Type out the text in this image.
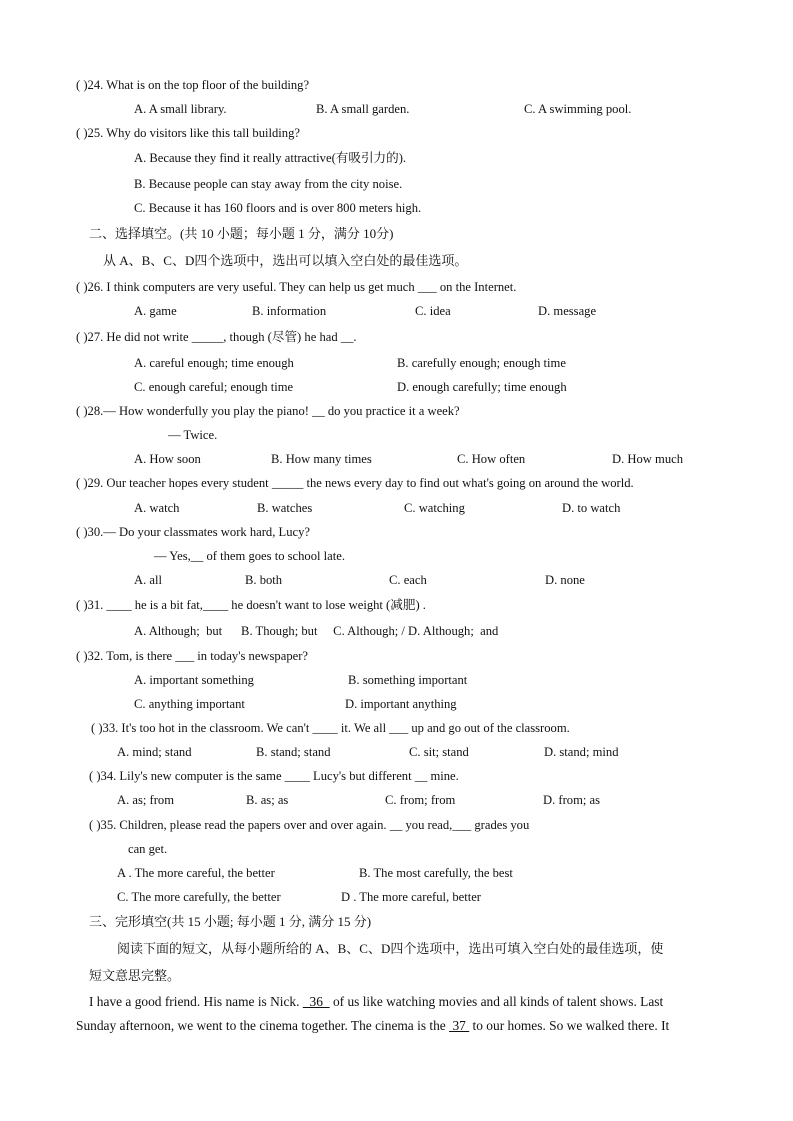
( )24. What is on the top floor of the building?
A. A small library.	B. A small garden.	C. A swimming pool.
( )25. Why do visitors like this tall building?
A. Because they find it really attractive(有吸引力的).
B. Because people can stay away from the city noise.
C. Because it has 160 floors and is over 800 meters high.
二、选择填空。(共 10 小题；每小题 1 分，满分 10分)
从 A、B、C、D四个选项中，选出可以填入空白处的最佳选项。
( )26. I think computers are very useful. They can help us get much ___ on the Internet.
A. game	B. information	C. idea	D. message
( )27. He did not write _____, though (尽管) he had __.
A. careful enough; time enough	B. carefully enough; enough time
C. enough careful; enough time	D. enough carefully; time enough
( )28.— How wonderfully you play the piano! __ do you practice it a week?
— Twice.
A. How soon	B. How many times	C. How often	D. How much
( )29. Our teacher hopes every student _____ the news every day to find out what's going on around the world.
A. watch	B. watches	C. watching	D. to watch
( )30.— Do your classmates work hard, Lucy?
— Yes,__ of them goes to school late.
A. all	B. both	C. each	D. none
( )31. ____ he is a bit fat,____ he doesn't want to lose weight (减肥) .
A. Although;  but      B. Though; but     C. Although; / D. Although;  and
( )32. Tom, is there ___ in today's newspaper?
A. important something	B. something important
C. anything important	D. important anything
( )33. It's too hot in the classroom. We can't ____ it. We all ___ up and go out of the classroom.
A. mind; stand	B. stand; stand	C. sit; stand	D. stand; mind
( )34. Lily's new computer is the same ____ Lucy's but different __ mine.
A. as; from	B. as; as	C. from; from	D. from; as
( )35. Children, please read the papers over and over again. __ you read,___ grades you
can get.
A . The more careful, the better	B. The most carefully, the best
C. The more carefully, the better	D . The more careful, better
三、完形填空(共 15 小题; 每小题 1 分, 满分 15 分)
阅读下面的短文，从每小题所给的 A、B、C、D四个选项中，选出可填入空白处的最佳选项，使
短文意思完整。
I have a good friend. His name is Nick.   36   of us like watching movies and all kinds of talent shows. Last
Sunday afternoon, we went to the cinema together. The cinema is the  37  to our homes. So we walked there. It
